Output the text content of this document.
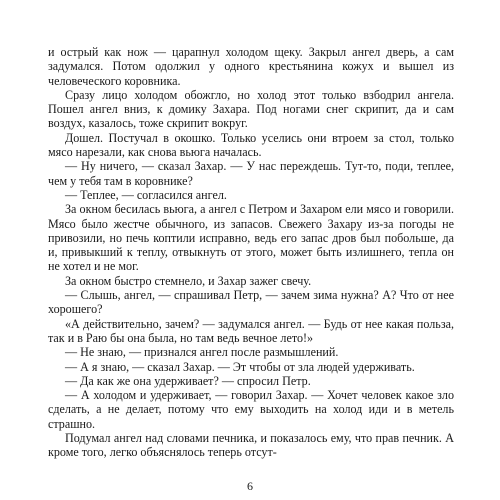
и острый как нож — царапнул холодом щеку. Закрыл ангел дверь, а сам задумался. Потом одолжил у одного крестьянина кожух и вышел из человеческого коровника.

Сразу лицо холодом обожгло, но холод этот только взбодрил ангела. Пошел ангел вниз, к домику Захара. Под ногами снег скрипит, да и сам воздух, казалось, тоже скрипит вокруг.

Дошел. Постучал в окошко. Только уселись они втроем за стол, только мясо нарезали, как снова вьюга началась.

— Ну ничего, — сказал Захар. — У нас переждешь. Тут-то, поди, теплее, чем у тебя там в коровнике?

— Теплее, — согласился ангел.

За окном бесилась вьюга, а ангел с Петром и Захаром ели мясо и говорили. Мясо было жестче обычного, из запасов. Свежего Захару из-за погоды не привозили, но печь коптили исправно, ведь его запас дров был побольше, да и, привыкший к теплу, отвыкнуть от этого, может быть излишнего, тепла он не хотел и не мог.

За окном быстро стемнело, и Захар зажег свечу.

— Слышь, ангел, — спрашивал Петр, — зачем зима нужна? А? Что от нее хорошего?

«А действительно, зачем? — задумался ангел. — Будь от нее какая польза, так и в Раю бы она была, но там ведь вечное лето!»

— Не знаю, — признался ангел после размышлений.

— А я знаю, — сказал Захар. — Эт чтобы от зла людей удерживать.

— Да как же она удерживает? — спросил Петр.

— А холодом и удерживает, — говорил Захар. — Хочет человек какое зло сделать, а не делает, потому что ему выходить на холод иди и в метель страшно.

Подумал ангел над словами печника, и показалось ему, что прав печник. А кроме того, легко объяснялось теперь отсут-

6
